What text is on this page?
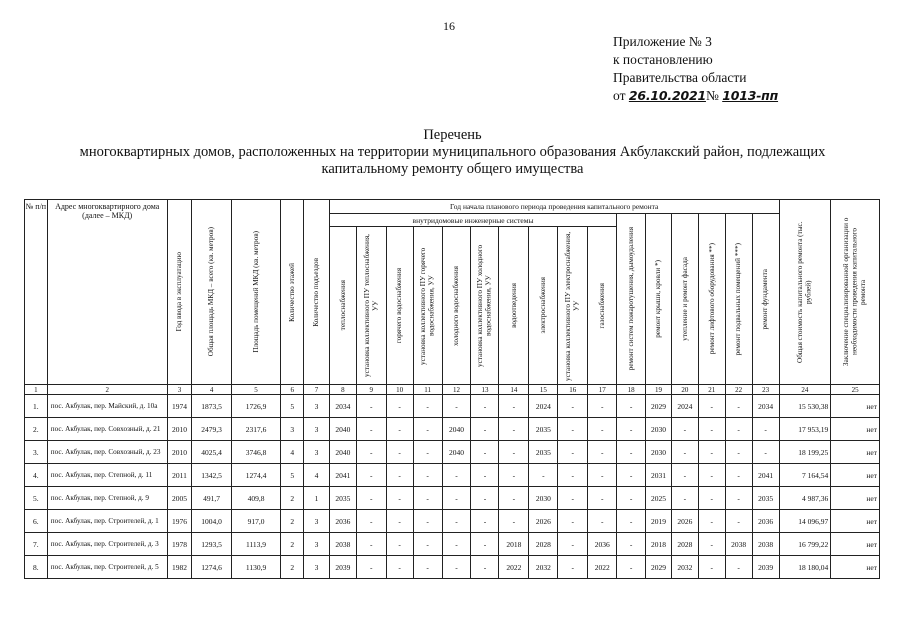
16
Приложение № 3
к постановлению
Правительства области
от 26.10.2021№ 1013-пп
Перечень
многоквартирных домов, расположенных на территории муниципального образования Акбулакский район, подлежащих
капитальному ремонту общего имущества
№ п/п	Адрес многоквартирного дома (далее – МКД)	Год ввода в эксплуатацию	Общая площадь МКД – всего (кв. метров)	Площадь помещений МКД (кв. метров)	Количество этажей	Количество подъездов	Год начала планового периода проведения капитального ремонта																Общая стоимость капитального ремонта (тыс. рублей)	Заключение специализированной организации о необходимости проведения капитального ремонта

							внутридомовые инженерные системы										ремонт систем пожаротушения, дымоудаления	ремонт крыши, кровли *)	утепление и ремонт фасада	ремонт лифтового оборудования **)	ремонт подвальных помещений ***)	ремонт фундамента		

							теплоснабжения	установка коллективного ПУ теплоснабжения, УУ	горячего водоснабжения	установка коллективного ПУ горячего водоснабжения, УУ	холодного водоснабжения	установка коллективного ПУ холодного водоснабжения, УУ	водоотведения	электроснабжения	установка коллективного ПУ электроснабжения, УУ	газоснабжения								

1	2	3	4	5	6	7	8	9	10	11	12	13	14	15	16	17	18	19	20	21	22	23	24	25
1.	пос. Акбулак, пер. Майский, д. 10а	1974	1873,5	1726,9	5	3	2034	-	-	-	-	-	-	2024	-	-	-	2029	2024	-	-	2034	15 530,38	нет
2.	пос. Акбулак, пер. Совхозный, д. 21	2010	2479,3	2317,6	3	3	2040	-	-	-	2040	-	-	2035	-	-	-	2030	-	-	-	-	17 953,19	нет
3.	пос. Акбулак, пер. Совхозный, д. 23	2010	4025,4	3746,8	4	3	2040	-	-	-	2040	-	-	2035	-	-	-	2030	-	-	-	-	18 199,25	нет
4.	пос. Акбулак, пер. Степной, д. 11	2011	1342,5	1274,4	5	4	2041	-	-	-	-	-	-	-	-	-	-	2031	-	-	-	2041	7 164,54	нет
5.	пос. Акбулак, пер. Степной, д. 9	2005	491,7	409,8	2	1	2035	-	-	-	-	-	-	2030	-	-	-	2025	-	-	-	2035	4 987,36	нет
6.	пос. Акбулак, пер. Строителей, д. 1	1976	1004,0	917,0	2	3	2036	-	-	-	-	-	-	2026	-	-	-	2019	2026	-	-	2036	14 096,97	нет
7.	пос. Акбулак, пер. Строителей, д. 3	1978	1293,5	1113,9	2	3	2038	-	-	-	-	-	2018	2028	-	2036	-	2018	2028	-	2038	2038	16 799,22	нет
8.	пос. Акбулак, пер. Строителей, д. 5	1982	1274,6	1130,9	2	3	2039	-	-	-	-	-	2022	2032	-	2022	-	2029	2032	-	-	2039	18 180,04	нет
